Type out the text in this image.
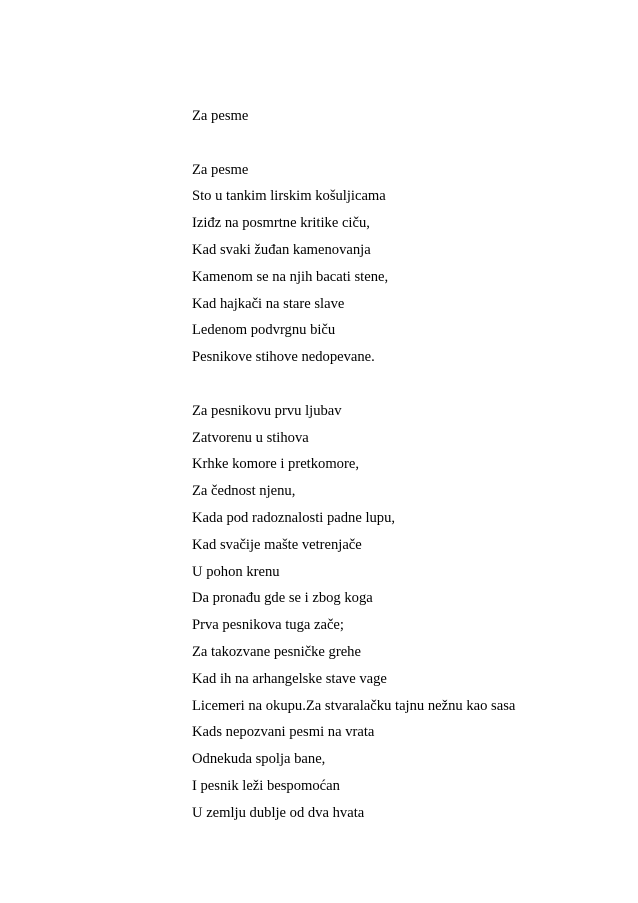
Za pesme
Za pesme
Sto u tankim lirskim košuljicama
Iziđz na posmrtne kritike ciču,
Kad svaki žuđan kamenovanja
Kamenom se na njih bacati stene,
Kad hajkači na stare slave
Ledenom podvrgnu biču
Pesnikove stihove nedopevane.
Za pesnikovu prvu ljubav
Zatvorenu u stihova
Krhke komore i pretkomore,
Za čednost njenu,
Kada pod radoznalosti padne lupu,
Kad svačije mašte vetrenjače
U pohon krenu
Da pronađu gde se i zbog koga
Prva pesnikova tuga zače;
Za takozvane pesničke grehe
Kad ih na arhangelske stave vage
Licemeri na okupu.Za stvaralačku tajnu nežnu kao sasa
Kads nepozvani pesmi na vrata
Odnekuda spolja bane,
I pesnik leži bespomoćan
U zemlju dublje od dva hvata
